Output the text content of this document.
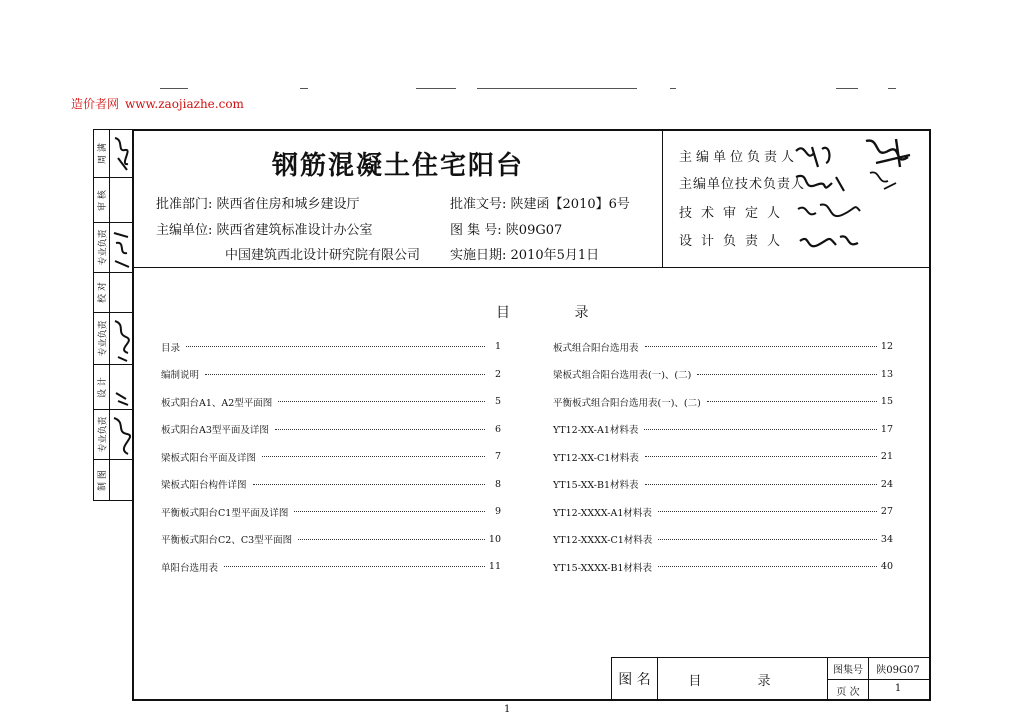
造价者网 www.zaojiazhe.com
周 满
审 核
专业负责
校 对
专业负责
设 计
专业负责
制 图
钢筋混凝土住宅阳台
批准部门: 陕西省住房和城乡建设厅
主编单位: 陕西省建筑标准设计办公室
中国建筑西北设计研究院有限公司
批准文号: 陕建函【2010】6号
图 集 号: 陕09G07
实施日期: 2010年5月1日
主编单位负责人
主编单位技术负责人
技术审定人
设计负责人
目 录
目录	1
编制说明	2
板式阳台A1、A2型平面图	5
板式阳台A3型平面及详图	6
梁板式阳台平面及详图	7
梁板式阳台构件详图	8
平衡板式阳台C1型平面及详图	9
平衡板式阳台C2、C3型平面图	10
单阳台选用表	11
板式组合阳台选用表	12
梁板式组合阳台选用表(一)、(二)	13
平衡板式组合阳台选用表(一)、(二)	15
YT12-XX-A1材料表	17
YT12-XX-C1材料表	21
YT15-XX-B1材料表	24
YT12-XXXX-A1材料表	27
YT12-XXXX-C1材料表	34
YT15-XXXX-B1材料表	40
图 名	目 录
图集号	陕09G07
页 次	1
1
